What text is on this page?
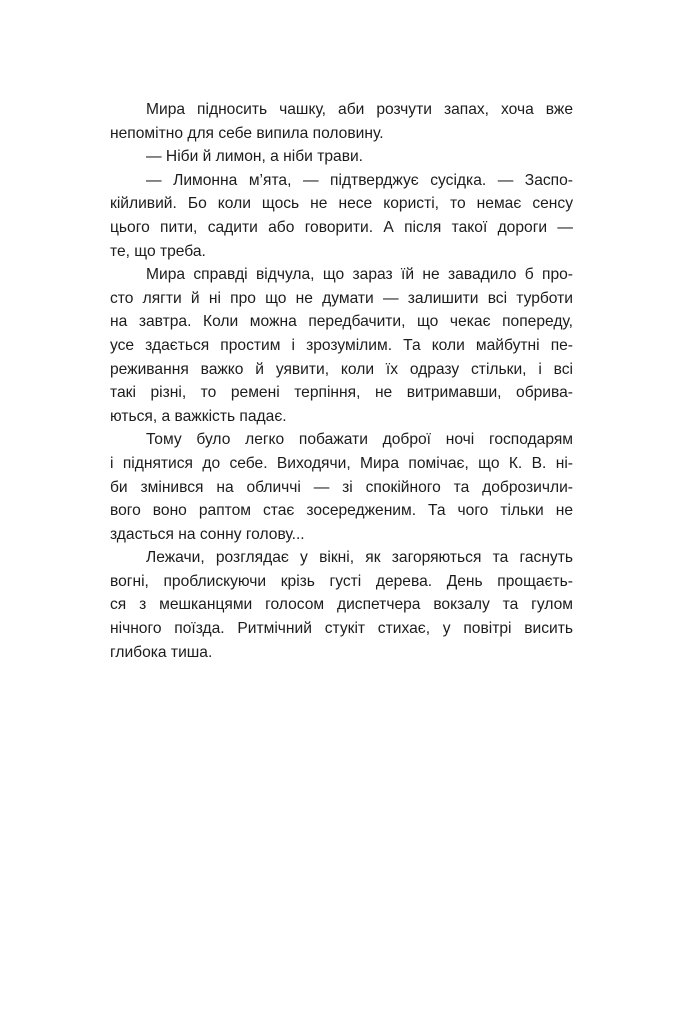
Мира підносить чашку, аби розчути запах, хоча вже
непомітно для себе випила половину.
— Ніби й лимон, а ніби трави.
— Лимонна м’ята, — підтверджує сусідка. — Заспо-
кійливий. Бо коли щось не несе користі, то немає сенсу
цього пити, садити або говорити. А після такої дороги —
те, що треба.
Мира справді відчула, що зараз їй не завадило б про-
сто лягти й ні про що не думати — залишити всі турботи
на завтра. Коли можна передбачити, що чекає попереду,
усе здається простим і зрозумілим. Та коли майбутні пе-
реживання важко й уявити, коли їх одразу стільки, і всі
такі різні, то ремені терпіння, не витримавши, обрива-
ються, а важкість падає.
Тому було легко побажати доброї ночі господарям
і піднятися до себе. Виходячи, Мира помічає, що К. В. ні-
би змінився на обличчі — зі спокійного та доброзичли-
вого воно раптом стає зосередженим. Та чого тільки не
здасться на сонну голову...
Лежачи, розглядає у вікні, як загоряються та гаснуть
вогні, проблискуючи крізь густі дерева. День прощаєть-
ся з мешканцями голосом диспетчера вокзалу та гулом
нічного поїзда. Ритмічний стукіт стихає, у повітрі висить
глибока тиша.
